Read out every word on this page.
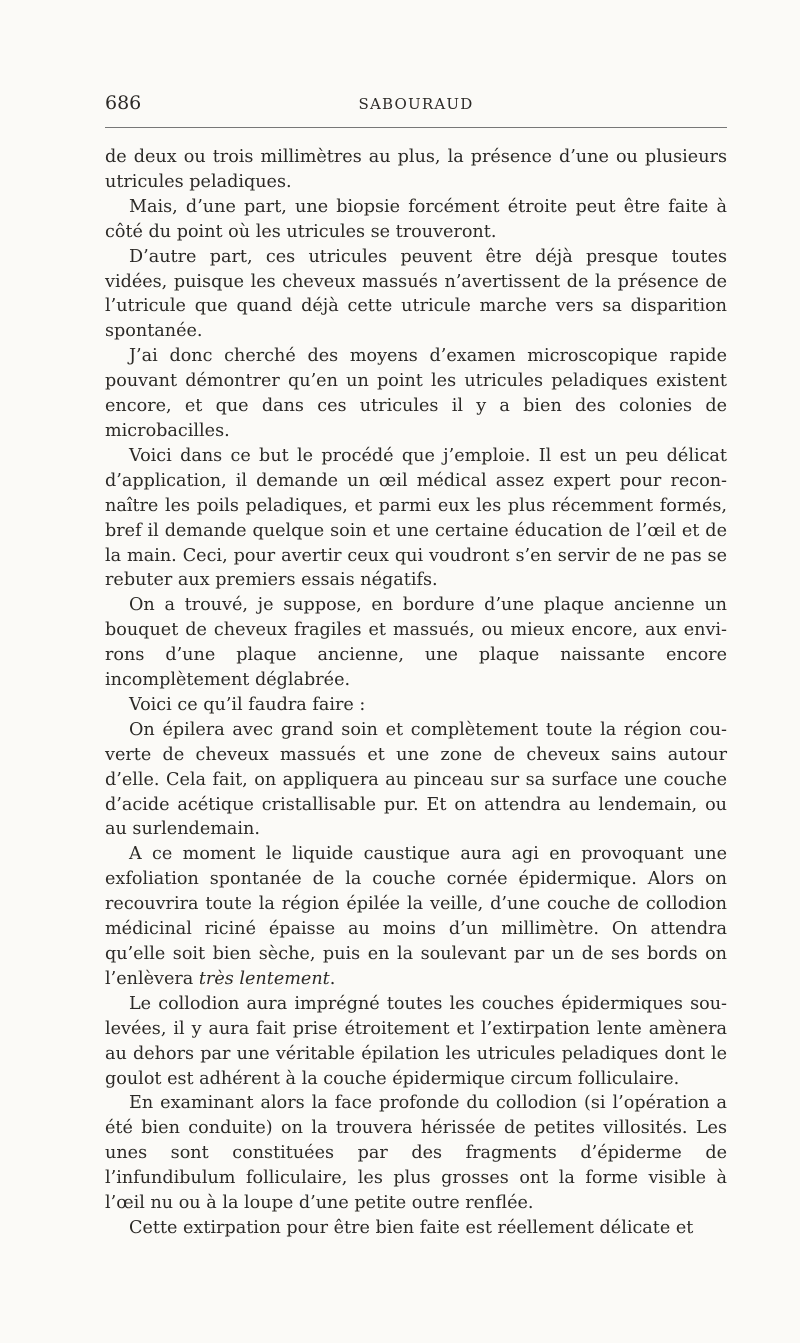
686	SABOURAUD

de deux ou trois millimètres au plus, la présence d’une ou plusieurs utricules peladiques.

Mais, d’une part, une biopsie forcément étroite peut être faite à côté du point où les utricules se trouveront.

D’autre part, ces utricules peuvent être déjà presque toutes vidées, puisque les cheveux massués n’avertissent de la présence de l’utricule que quand déjà cette utricule marche vers sa disparition spontanée.

J’ai donc cherché des moyens d’examen microscopique rapide pouvant démontrer qu’en un point les utricules peladiques existent encore, et que dans ces utricules il y a bien des colonies de microbacilles.

Voici dans ce but le procédé que j’emploie. Il est un peu délicat d’application, il demande un œil médical assez expert pour reconnaître les poils peladiques, et parmi eux les plus récemment formés, bref il demande quelque soin et une certaine éducation de l’œil et de la main. Ceci, pour avertir ceux qui voudront s’en servir de ne pas se rebuter aux premiers essais négatifs.

On a trouvé, je suppose, en bordure d’une plaque ancienne un bouquet de cheveux fragiles et massués, ou mieux encore, aux environs d’une plaque ancienne, une plaque naissante encore incomplètement déglabrée.

Voici ce qu’il faudra faire :

On épilera avec grand soin et complètement toute la région couverte de cheveux massués et une zone de cheveux sains autour d’elle. Cela fait, on appliquera au pinceau sur sa surface une couche d’acide acétique cristallisable pur. Et on attendra au lendemain, ou au surlendemain.

A ce moment le liquide caustique aura agi en provoquant une exfoliation spontanée de la couche cornée épidermique. Alors on recouvrira toute la région épilée la veille, d’une couche de collodion médicinal riciné épaisse au moins d’un millimètre. On attendra qu’elle soit bien sèche, puis en la soulevant par un de ses bords on l’enlèvera très lentement.

Le collodion aura imprégné toutes les couches épidermiques soulevées, il y aura fait prise étroitement et l’extirpation lente amènera au dehors par une véritable épilation les utricules peladiques dont le goulot est adhérent à la couche épidermique circum folliculaire.

En examinant alors la face profonde du collodion (si l’opération a été bien conduite) on la trouvera hérissée de petites villosités. Les unes sont constituées par des fragments d’épiderme de l’infundibulum folliculaire, les plus grosses ont la forme visible à l’œil nu ou à la loupe d’une petite outre renflée.

Cette extirpation pour être bien faite est réellement délicate et
